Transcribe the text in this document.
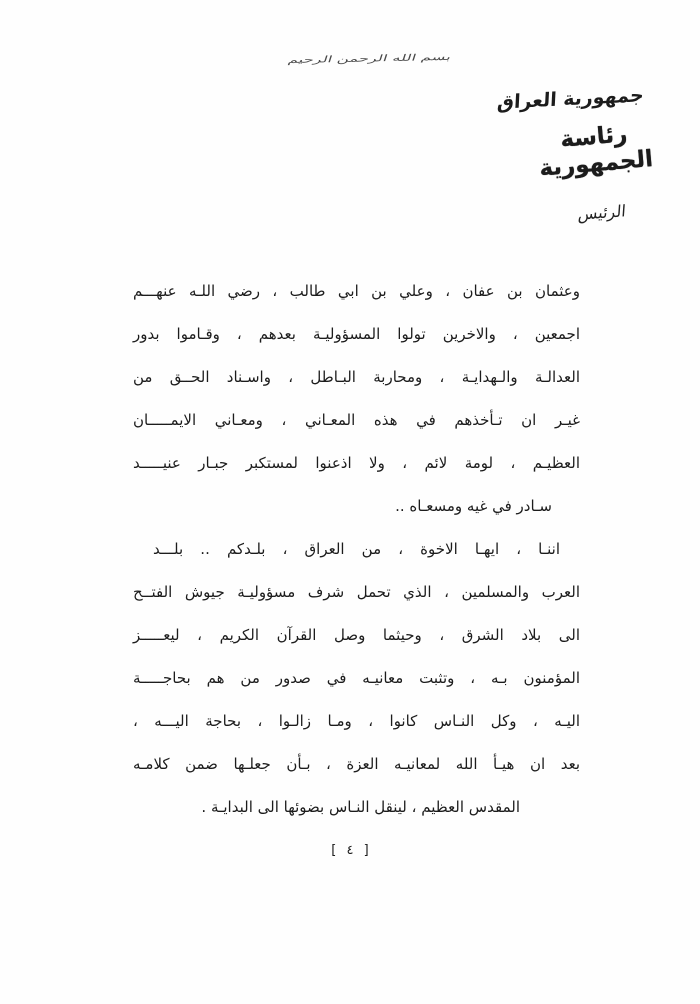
بسم الله الرحمن الرحيم
جمهورية العراق
رئاسة الجمهورية
الرئيس
وعثمان بن عفان ، وعلي بن ابي طالب ، رضي اللـه عنهـــم
اجمعين ، والاخرين تولوا المسؤوليـة بعدهم ، وقـاموا بدور
العدالـة والـهدايـة ، ومحاربة البـاطل ، واسـناد الحــق من
غيـر ان تـأخذهم في هذه المعـاني ، ومعـاني الايمـــــان
العظيـم ، لومة لائم ، ولا اذعنوا لمستكبر جبـار عنيـــــد
سـادر في غيه ومسعـاه ..
اننـا ، ايهـا الاخوة ، من العراق ، بلـدكم .. بلـــد
العرب والمسلمين ، الذي تحمل شرف مسؤوليـة جيوش الفتــح
الى بلاد الشرق ، وحيثما وصل القرآن الكريم ، ليعـــــز
المؤمنون بـه ، وتثبت معانيـه في صدور من هم بحاجـــــة
اليـه ، وكل النـاس كانوا ، ومـا زالـوا ، بحاجة اليـــه ،
بعد ان هيـأ الله لمعانيـه العزة ، بـأن جعلـها ضمن كلامـه
المقدس العظيم ، لينقل النـاس بضوئها الى البدايـة .
[ ٤ ]
